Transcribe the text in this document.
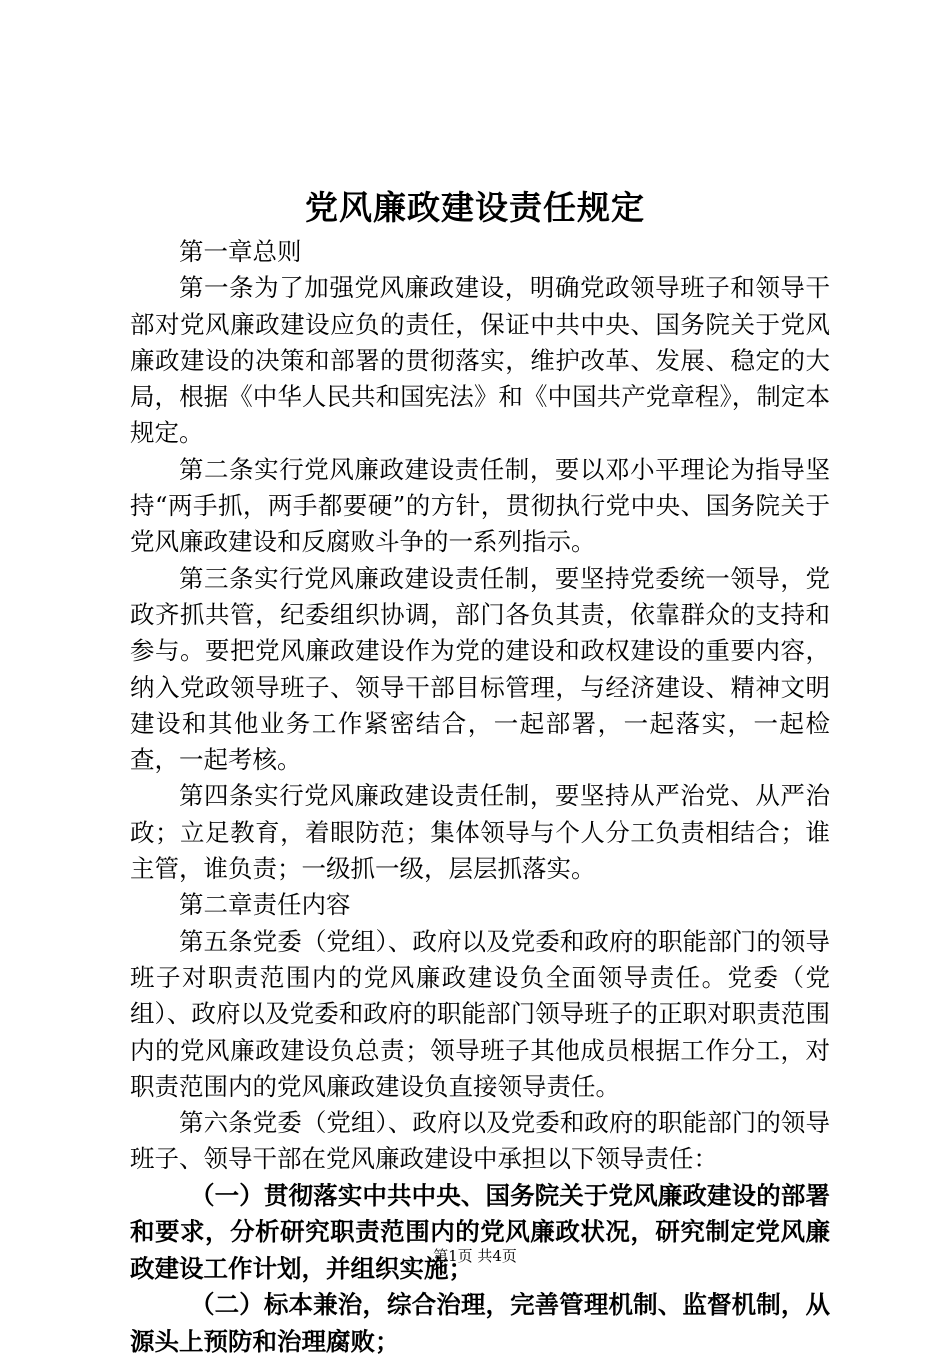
党风廉政建设责任规定

第一章总则

第一条为了加强党风廉政建设，明确党政领导班子和领导干部对党风廉政建设应负的责任，保证中共中央、国务院关于党风廉政建设的决策和部署的贯彻落实，维护改革、发展、稳定的大局，根据《中华人民共和国宪法》和《中国共产党章程》，制定本规定。

第二条实行党风廉政建设责任制，要以邓小平理论为指导坚持“两手抓，两手都要硬”的方针，贯彻执行党中央、国务院关于党风廉政建设和反腐败斗争的一系列指示。

第三条实行党风廉政建设责任制，要坚持党委统一领导，党政齐抓共管，纪委组织协调，部门各负其责，依靠群众的支持和参与。要把党风廉政建设作为党的建设和政权建设的重要内容，纳入党政领导班子、领导干部目标管理，与经济建设、精神文明建设和其他业务工作紧密结合，一起部署，一起落实，一起检查，一起考核。

第四条实行党风廉政建设责任制，要坚持从严治党、从严治政；立足教育，着眼防范；集体领导与个人分工负责相结合；谁主管，谁负责；一级抓一级，层层抓落实。

第二章责任内容

第五条党委（党组）、政府以及党委和政府的职能部门的领导班子对职责范围内的党风廉政建设负全面领导责任。党委（党组）、政府以及党委和政府的职能部门领导班子的正职对职责范围内的党风廉政建设负总责；领导班子其他成员根据工作分工，对职责范围内的党风廉政建设负直接领导责任。

第六条党委（党组）、政府以及党委和政府的职能部门的领导班子、领导干部在党风廉政建设中承担以下领导责任：

（一）贯彻落实中共中央、国务院关于党风廉政建设的部署和要求，分析研究职责范围内的党风廉政状况，研究制定党风廉政建设工作计划，并组织实施；

（二）标本兼治，综合治理，完善管理机制、监督机制，从源头上预防和治理腐败；

第1页 共4页
